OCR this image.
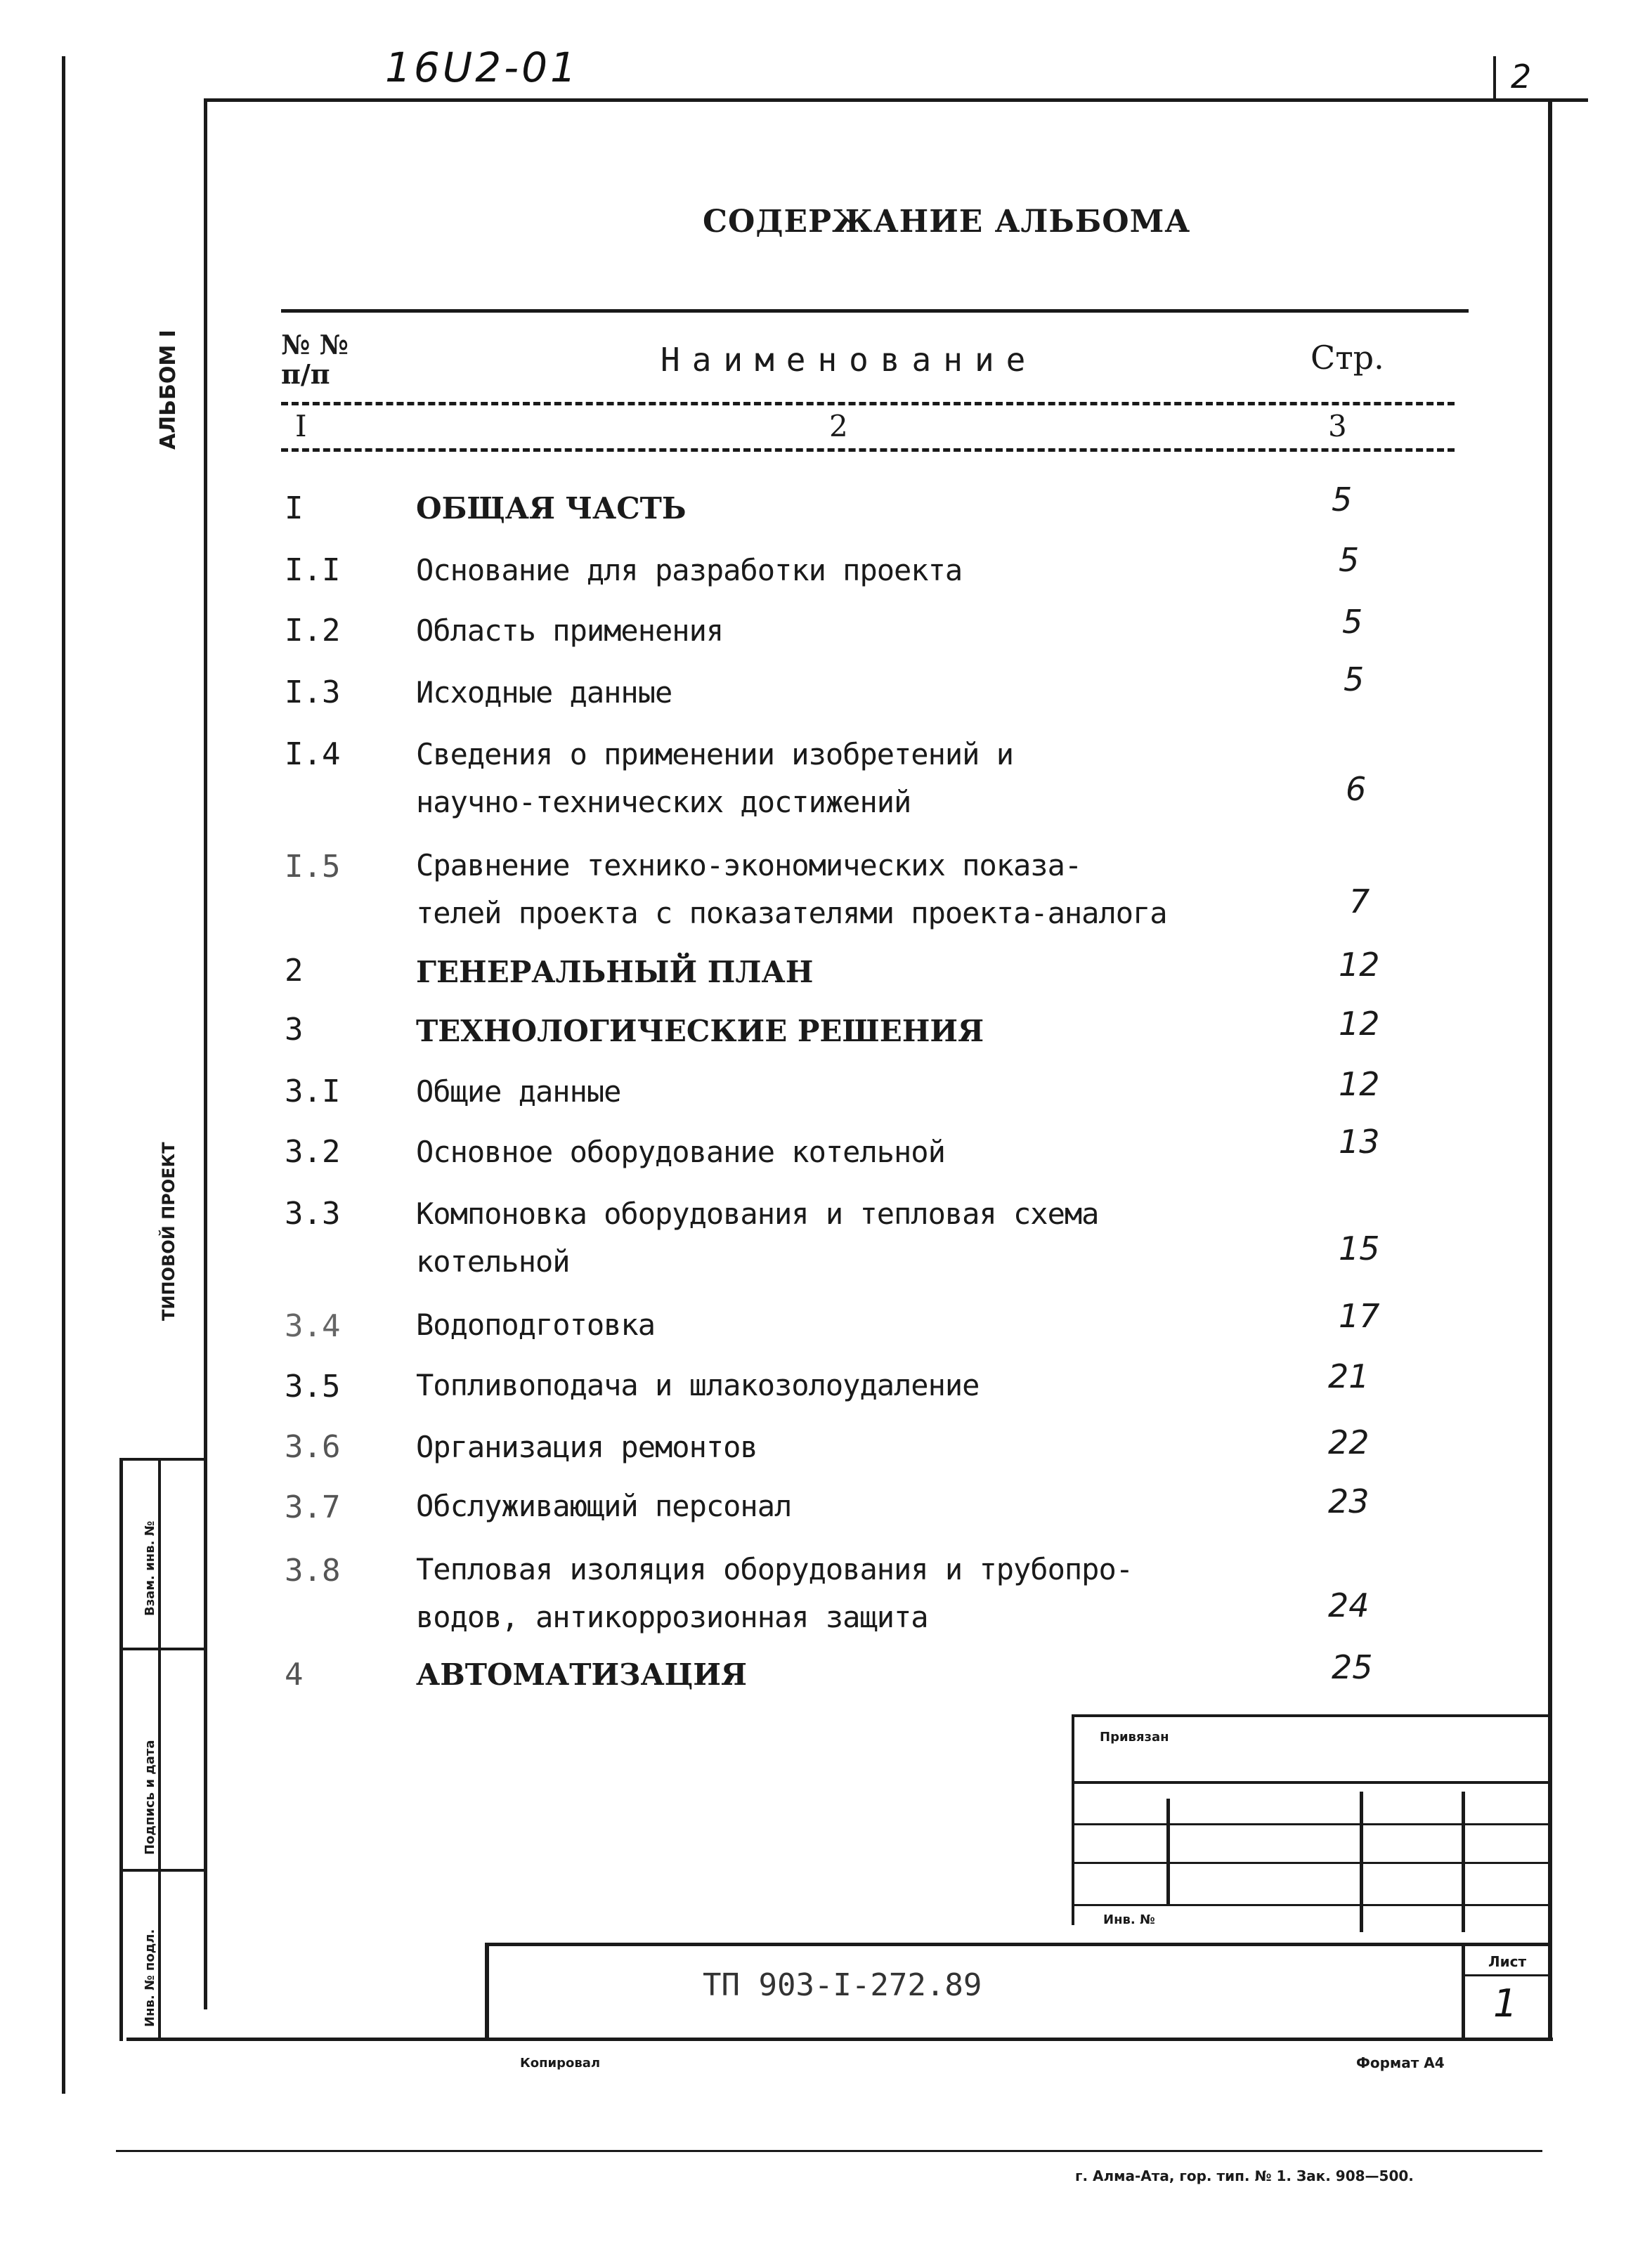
2
16U2-01
АЛЬБОМ I
ТИПОВОЙ ПРОЕКТ
СОДЕРЖАНИЕ АЛЬБОМА
№ №
п/п	Наименование	Стр.
I	2	3
I	ОБЩАЯ ЧАСТЬ	5
I.I	Основание для разработки проекта	5
I.2	Область применения	5
I.3	Исходные данные	5
I.4	Сведения о применении изобретений и
научно-технических достижений	6
I.5	Сравнение технико-экономических показа-
телей проекта с показателями проекта-аналога	7
2	ГЕНЕРАЛЬНЫЙ ПЛАН	12
3	ТЕХНОЛОГИЧЕСКИЕ РЕШЕНИЯ	12
3.I	Общие данные	12
3.2	Основное оборудование котельной	13
3.3	Компоновка оборудования и тепловая схема
котельной	15
3.4	Водоподготовка	17
3.5	Топливоподача и шлакозолоудаление	21
3.6	Организация ремонтов	22
3.7	Обслуживающий персонал	23
3.8	Тепловая изоляция оборудования и трубопро-
водов, антикоррозионная защита	24
4	АВТОМАТИЗАЦИЯ	25
Привязан
Инв. №
ТП 903-I-272.89
Лист
1
Инв. № подл.
Подпись и дата
Взам. инв. №
Копировал	Формат А4
г. Алма-Ата, гор. тип. № 1. Зак. 908—500.
